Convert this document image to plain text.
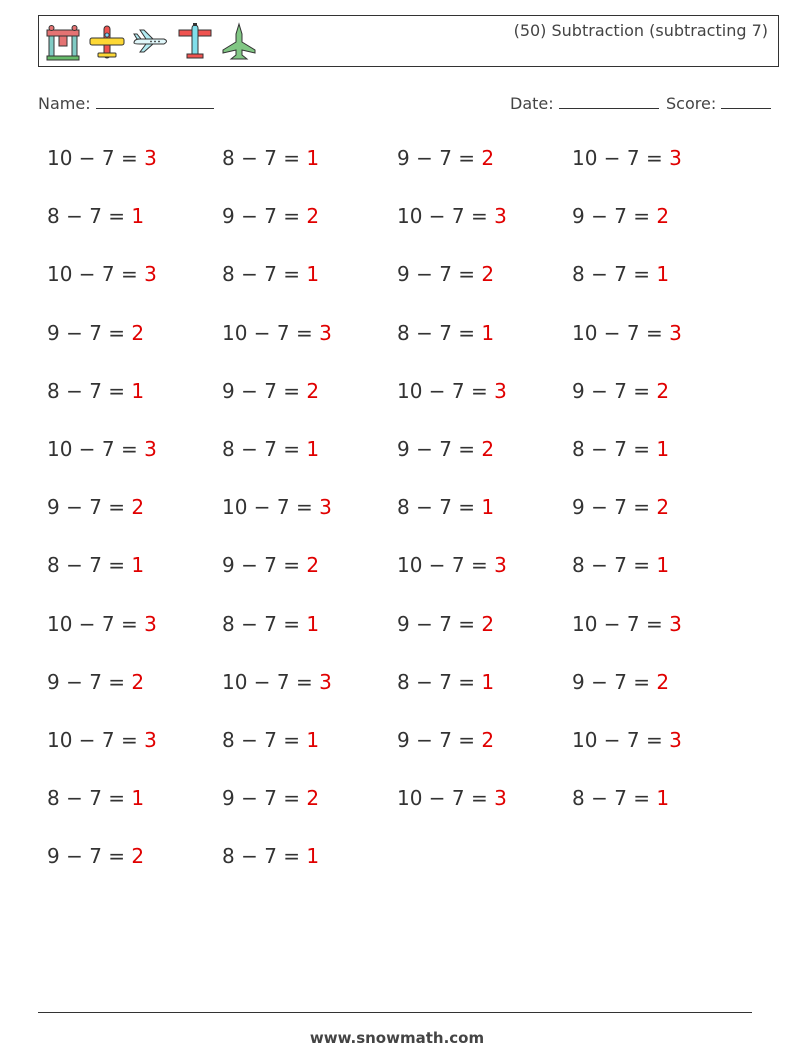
(50) Subtraction (subtracting 7)
Name:	Date:	Score:
10 − 7 = 3	8 − 7 = 1	9 − 7 = 2	10 − 7 = 3
8 − 7 = 1	9 − 7 = 2	10 − 7 = 3	9 − 7 = 2
10 − 7 = 3	8 − 7 = 1	9 − 7 = 2	8 − 7 = 1
9 − 7 = 2	10 − 7 = 3	8 − 7 = 1	10 − 7 = 3
8 − 7 = 1	9 − 7 = 2	10 − 7 = 3	9 − 7 = 2
10 − 7 = 3	8 − 7 = 1	9 − 7 = 2	8 − 7 = 1
9 − 7 = 2	10 − 7 = 3	8 − 7 = 1	9 − 7 = 2
8 − 7 = 1	9 − 7 = 2	10 − 7 = 3	8 − 7 = 1
10 − 7 = 3	8 − 7 = 1	9 − 7 = 2	10 − 7 = 3
9 − 7 = 2	10 − 7 = 3	8 − 7 = 1	9 − 7 = 2
10 − 7 = 3	8 − 7 = 1	9 − 7 = 2	10 − 7 = 3
8 − 7 = 1	9 − 7 = 2	10 − 7 = 3	8 − 7 = 1
9 − 7 = 2	8 − 7 = 1
www.snowmath.com
